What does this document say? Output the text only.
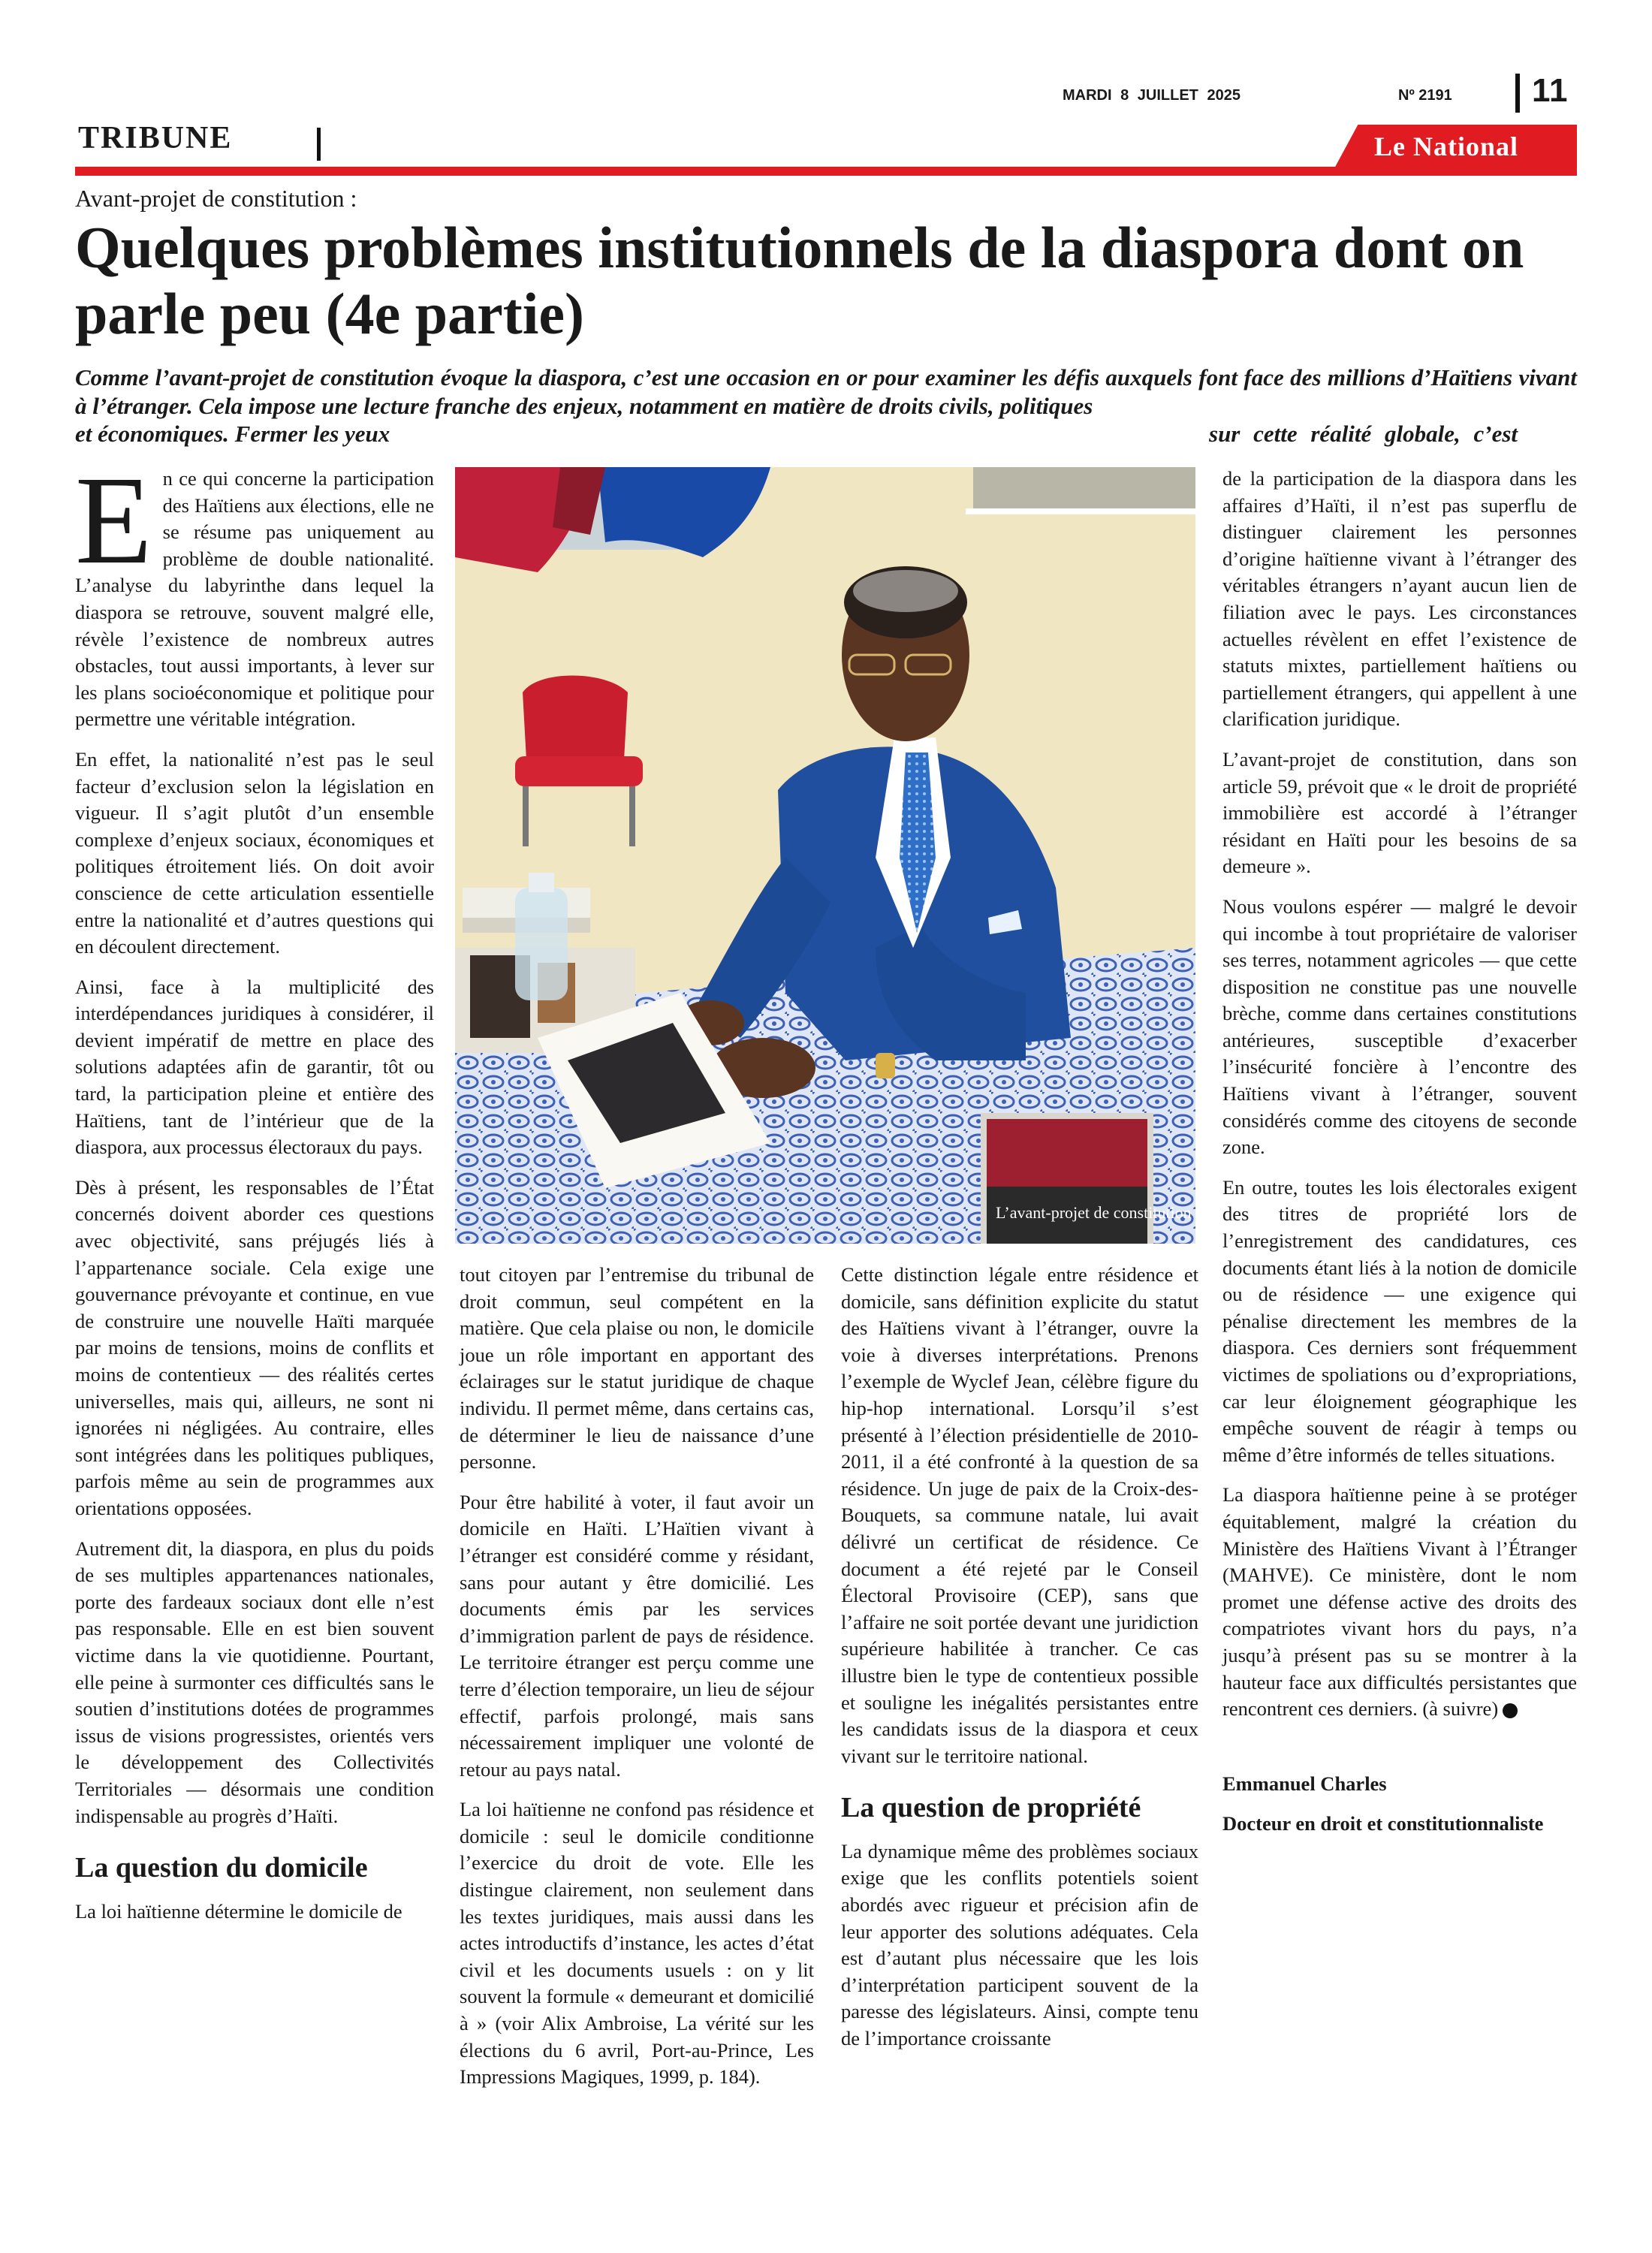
MARDI 8 JUILLET 2025	Nº 2191 11
TRIBUNE	Le National
Avant-projet de constitution :
Quelques problèmes institutionnels de la diaspora dont on parle peu (4e partie)
Comme l’avant-projet de constitution évoque la diaspora, c’est une occasion en or pour examiner les défis auxquels font face des millions d’Haïtiens vivant à l’étranger. Cela impose une lecture franche des enjeux, notamment en matière de droits civils, politiques
et économiques. Fermer les yeux	sur cette réalité globale, c’est

En ce qui concerne la participation des Haïtiens aux élections, elle ne se résume pas uniquement au problème de double nationalité. L’analyse du labyrinthe dans lequel la diaspora se retrouve, souvent malgré elle, révèle l’existence de nombreux autres obstacles, tout aussi importants, à lever sur les plans socioéconomique et politique pour permettre une véritable intégration.

En effet, la nationalité n’est pas le seul facteur d’exclusion selon la législation en vigueur. Il s’agit plutôt d’un ensemble complexe d’enjeux sociaux, économiques et politiques étroitement liés. On doit avoir conscience de cette articulation essentielle entre la nationalité et d’autres questions qui en découlent directement.

Ainsi, face à la multiplicité des interdépendances juridiques à considérer, il devient impératif de mettre en place des solutions adaptées afin de garantir, tôt ou tard, la participation pleine et entière des Haïtiens, tant de l’intérieur que de la diaspora, aux processus électoraux du pays.

Dès à présent, les responsables de l’État concernés doivent aborder ces questions avec objectivité, sans préjugés liés à l’appartenance sociale. Cela exige une gouvernance prévoyante et continue, en vue de construire une nouvelle Haïti marquée par moins de tensions, moins de conflits et moins de contentieux — des réalités certes universelles, mais qui, ailleurs, ne sont ni ignorées ni négligées. Au contraire, elles sont intégrées dans les politiques publiques, parfois même au sein de programmes aux orientations opposées.

Autrement dit, la diaspora, en plus du poids de ses multiples appartenances nationales, porte des fardeaux sociaux dont elle n’est pas responsable. Elle en est bien souvent victime dans la vie quotidienne. Pourtant, elle peine à surmonter ces difficultés sans le soutien d’institutions dotées de programmes issus de visions progressistes, orientés vers le développement des Collectivités Territoriales — désormais une condition indispensable au progrès d’Haïti.

La question du domicile

La loi haïtienne détermine le domicile de

L’avant-projet de constitution

tout citoyen par l’entremise du tribunal de droit commun, seul compétent en la matière. Que cela plaise ou non, le domicile joue un rôle important en apportant des éclairages sur le statut juridique de chaque individu. Il permet même, dans certains cas, de déterminer le lieu de naissance d’une personne.

Pour être habilité à voter, il faut avoir un domicile en Haïti. L’Haïtien vivant à l’étranger est considéré comme y résidant, sans pour autant y être domicilié. Les documents émis par les services d’immigration parlent de pays de résidence. Le territoire étranger est perçu comme une terre d’élection temporaire, un lieu de séjour effectif, parfois prolongé, mais sans nécessairement impliquer une volonté de retour au pays natal.

La loi haïtienne ne confond pas résidence et domicile : seul le domicile conditionne l’exercice du droit de vote. Elle les distingue clairement, non seulement dans les textes juridiques, mais aussi dans les actes introductifs d’instance, les actes d’état civil et les documents usuels : on y lit souvent la formule « demeurant et domicilié à » (voir Alix Ambroise, La vérité sur les élections du 6 avril, Port-au-Prince, Les Impressions Magiques, 1999, p. 184).

Cette distinction légale entre résidence et domicile, sans définition explicite du statut des Haïtiens vivant à l’étranger, ouvre la voie à diverses interprétations. Prenons l’exemple de Wyclef Jean, célèbre figure du hip-hop international. Lorsqu’il s’est présenté à l’élection présidentielle de 2010-2011, il a été confronté à la question de sa résidence. Un juge de paix de la Croix-des-Bouquets, sa commune natale, lui avait délivré un certificat de résidence. Ce document a été rejeté par le Conseil Électoral Provisoire (CEP), sans que l’affaire ne soit portée devant une juridiction supérieure habilitée à trancher. Ce cas illustre bien le type de contentieux possible et souligne les inégalités persistantes entre les candidats issus de la diaspora et ceux vivant sur le territoire national.

La question de propriété

La dynamique même des problèmes sociaux exige que les conflits potentiels soient abordés avec rigueur et précision afin de leur apporter des solutions adéquates. Cela est d’autant plus nécessaire que les lois d’interprétation participent souvent de la paresse des législateurs. Ainsi, compte tenu de l’importance croissante

de la participation de la diaspora dans les affaires d’Haïti, il n’est pas superflu de distinguer clairement les personnes d’origine haïtienne vivant à l’étranger des véritables étrangers n’ayant aucun lien de filiation avec le pays. Les circonstances actuelles révèlent en effet l’existence de statuts mixtes, partiellement haïtiens ou partiellement étrangers, qui appellent à une clarification juridique.

L’avant-projet de constitution, dans son article 59, prévoit que « le droit de propriété immobilière est accordé à l’étranger résidant en Haïti pour les besoins de sa demeure ».

Nous voulons espérer — malgré le devoir qui incombe à tout propriétaire de valoriser ses terres, notamment agricoles — que cette disposition ne constitue pas une nouvelle brèche, comme dans certaines constitutions antérieures, susceptible d’exacerber l’insécurité foncière à l’encontre des Haïtiens vivant à l’étranger, souvent considérés comme des citoyens de seconde zone.

En outre, toutes les lois électorales exigent des titres de propriété lors de l’enregistrement des candidatures, ces documents étant liés à la notion de domicile ou de résidence — une exigence qui pénalise directement les membres de la diaspora. Ces derniers sont fréquemment victimes de spoliations ou d’expropriations, car leur éloignement géographique les empêche souvent de réagir à temps ou même d’être informés de telles situations.

La diaspora haïtienne peine à se protéger équitablement, malgré la création du Ministère des Haïtiens Vivant à l’Étranger (MAHVE). Ce ministère, dont le nom promet une défense active des droits des compatriotes vivant hors du pays, n’a jusqu’à présent pas su se montrer à la hauteur face aux difficultés persistantes que rencontrent ces derniers. (à suivre)

Emmanuel Charles

Docteur en droit et constitutionnaliste
